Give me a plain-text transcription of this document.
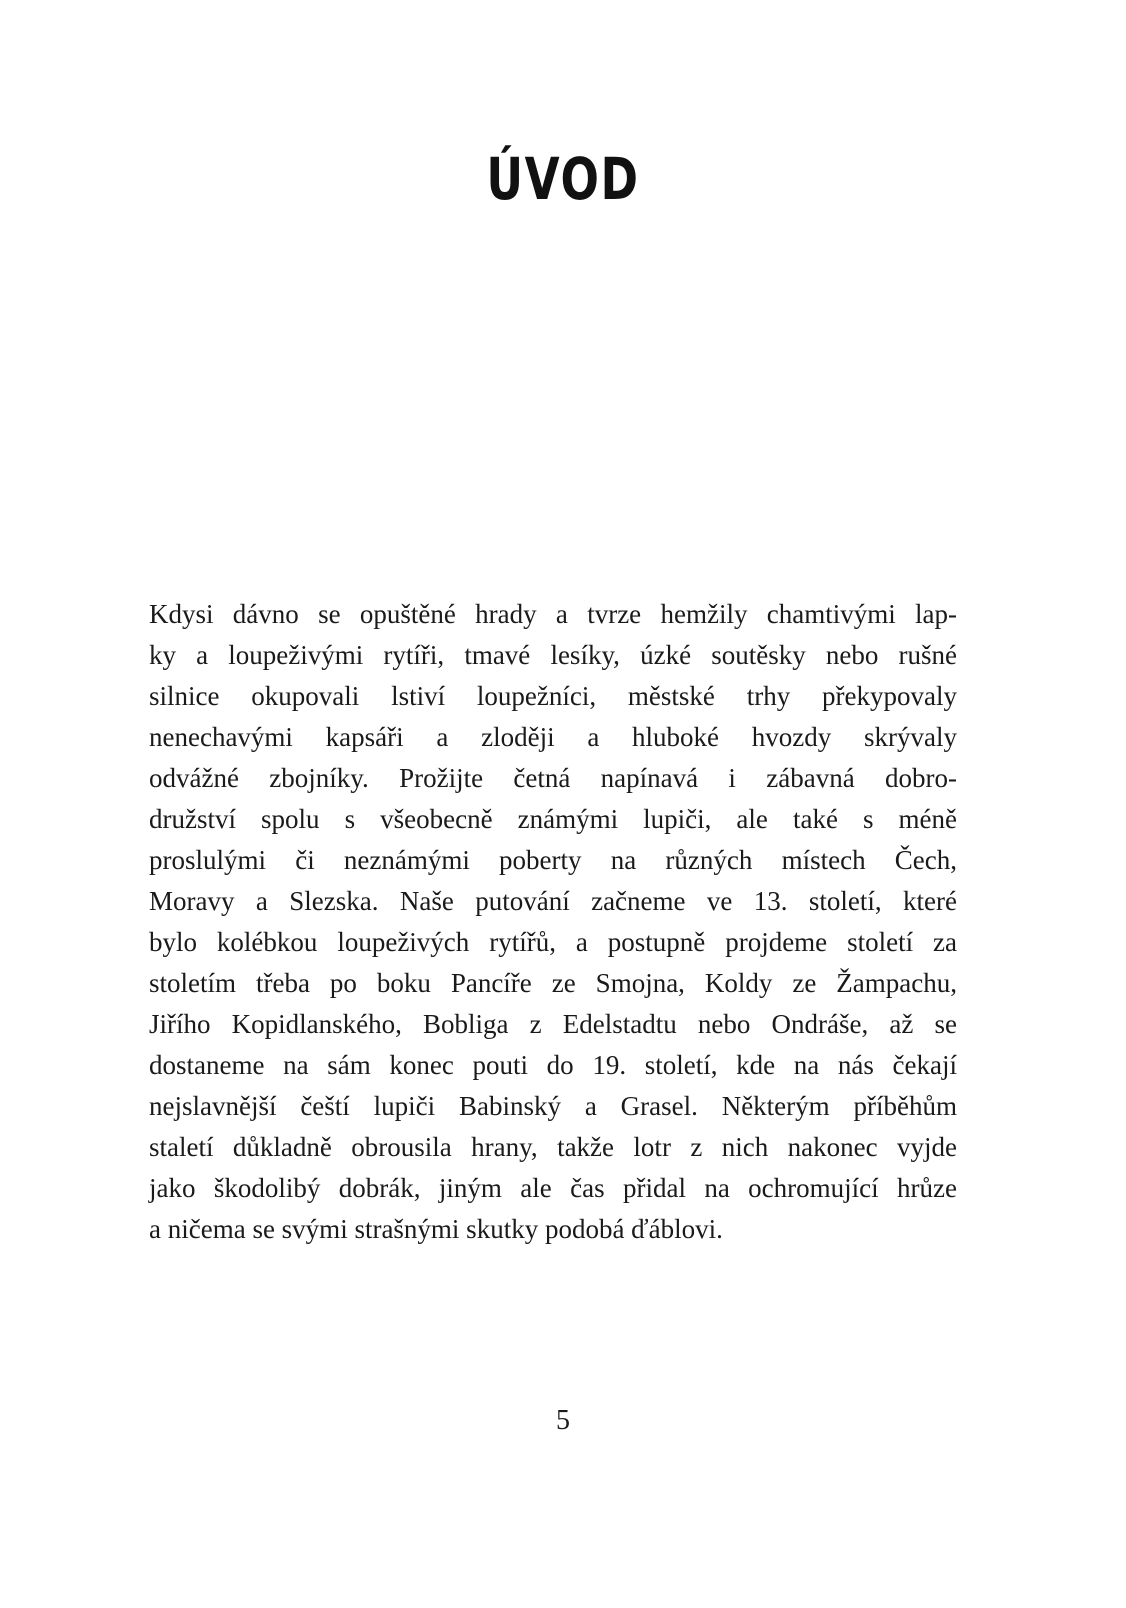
ÚVOD

Kdysi dávno se opuštěné hrady a tvrze hemžily chamtivými lap-
ky a loupeživými rytíři, tmavé lesíky, úzké soutěsky nebo rušné
silnice okupovali lstiví loupežníci, městské trhy překypovaly
nenechavými kapsáři a zloději a hluboké hvozdy skrývaly
odvážné zbojníky. Prožijte četná napínavá i zábavná dobro-
družství spolu s všeobecně známými lupiči, ale také s méně
proslulými či neznámými poberty na různých místech Čech,
Moravy a Slezska. Naše putování začneme ve 13. století, které
bylo kolébkou loupeživých rytířů, a postupně projdeme století za
stoletím třeba po boku Pancíře ze Smojna, Koldy ze Žampachu,
Jiřího Kopidlanského, Bobliga z Edelstadtu nebo Ondráše, až se
dostaneme na sám konec pouti do 19. století, kde na nás čekají
nejslavnější čeští lupiči Babinský a Grasel. Některým příběhům
staletí důkladně obrousila hrany, takže lotr z nich nakonec vyjde
jako škodolibý dobrák, jiným ale čas přidal na ochromující hrůze
a ničema se svými strašnými skutky podobá ďáblovi.

5
